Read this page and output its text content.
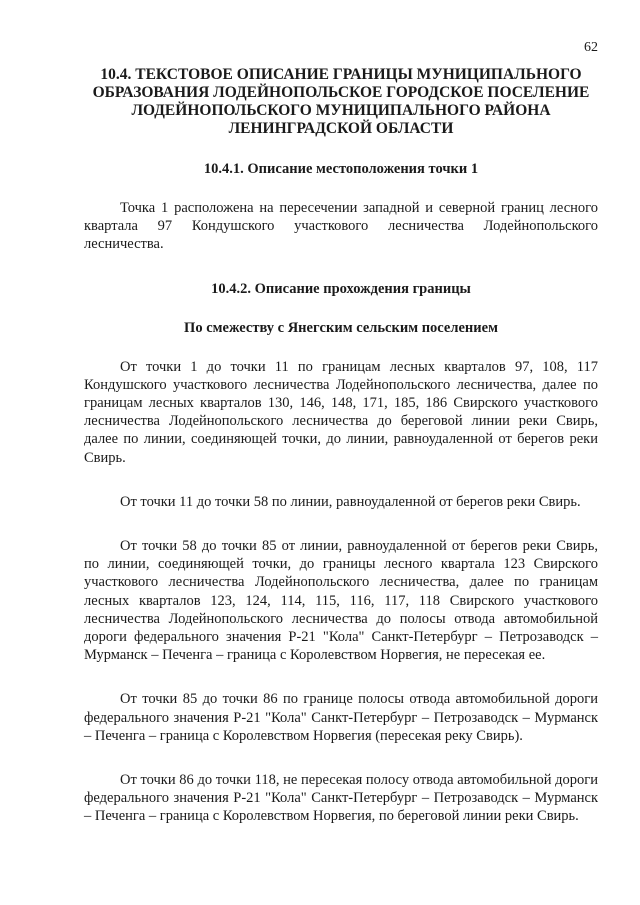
62
10.4. ТЕКСТОВОЕ ОПИСАНИЕ ГРАНИЦЫ МУНИЦИПАЛЬНОГО ОБРАЗОВАНИЯ ЛОДЕЙНОПОЛЬСКОЕ ГОРОДСКОЕ ПОСЕЛЕНИЕ ЛОДЕЙНОПОЛЬСКОГО МУНИЦИПАЛЬНОГО РАЙОНА ЛЕНИНГРАДСКОЙ ОБЛАСТИ
10.4.1. Описание местоположения точки 1
Точка 1 расположена на пересечении западной и северной границ лесного квартала 97 Кондушского участкового лесничества Лодейнопольского лесничества.
10.4.2. Описание прохождения границы
По смежеству с Янегским сельским поселением
От точки 1 до точки 11 по границам лесных кварталов 97, 108, 117 Кондушского участкового лесничества Лодейнопольского лесничества, далее по границам лесных кварталов 130, 146, 148, 171, 185, 186 Свирского участкового лесничества Лодейнопольского лесничества до береговой линии реки Свирь, далее по линии, соединяющей точки, до линии, равноудаленной от берегов реки Свирь.
От точки 11 до точки 58 по линии, равноудаленной от берегов реки Свирь.
От точки 58 до точки 85 от линии, равноудаленной от берегов реки Свирь, по линии, соединяющей точки, до границы лесного квартала 123 Свирского участкового лесничества Лодейнопольского лесничества, далее по границам лесных кварталов 123, 124, 114, 115, 116, 117, 118 Свирского участкового лесничества Лодейнопольского лесничества до полосы отвода автомобильной дороги федерального значения Р-21 "Кола" Санкт-Петербург – Петрозаводск – Мурманск – Печенга – граница с Королевством Норвегия, не пересекая ее.
От точки 85 до точки 86 по границе полосы отвода автомобильной дороги федерального значения Р-21 "Кола" Санкт-Петербург – Петрозаводск – Мурманск – Печенга – граница с Королевством Норвегия (пересекая реку Свирь).
От точки 86 до точки 118, не пересекая полосу отвода автомобильной дороги федерального значения Р-21 "Кола" Санкт-Петербург – Петрозаводск – Мурманск – Печенга – граница с Королевством Норвегия, по береговой линии реки Свирь.
